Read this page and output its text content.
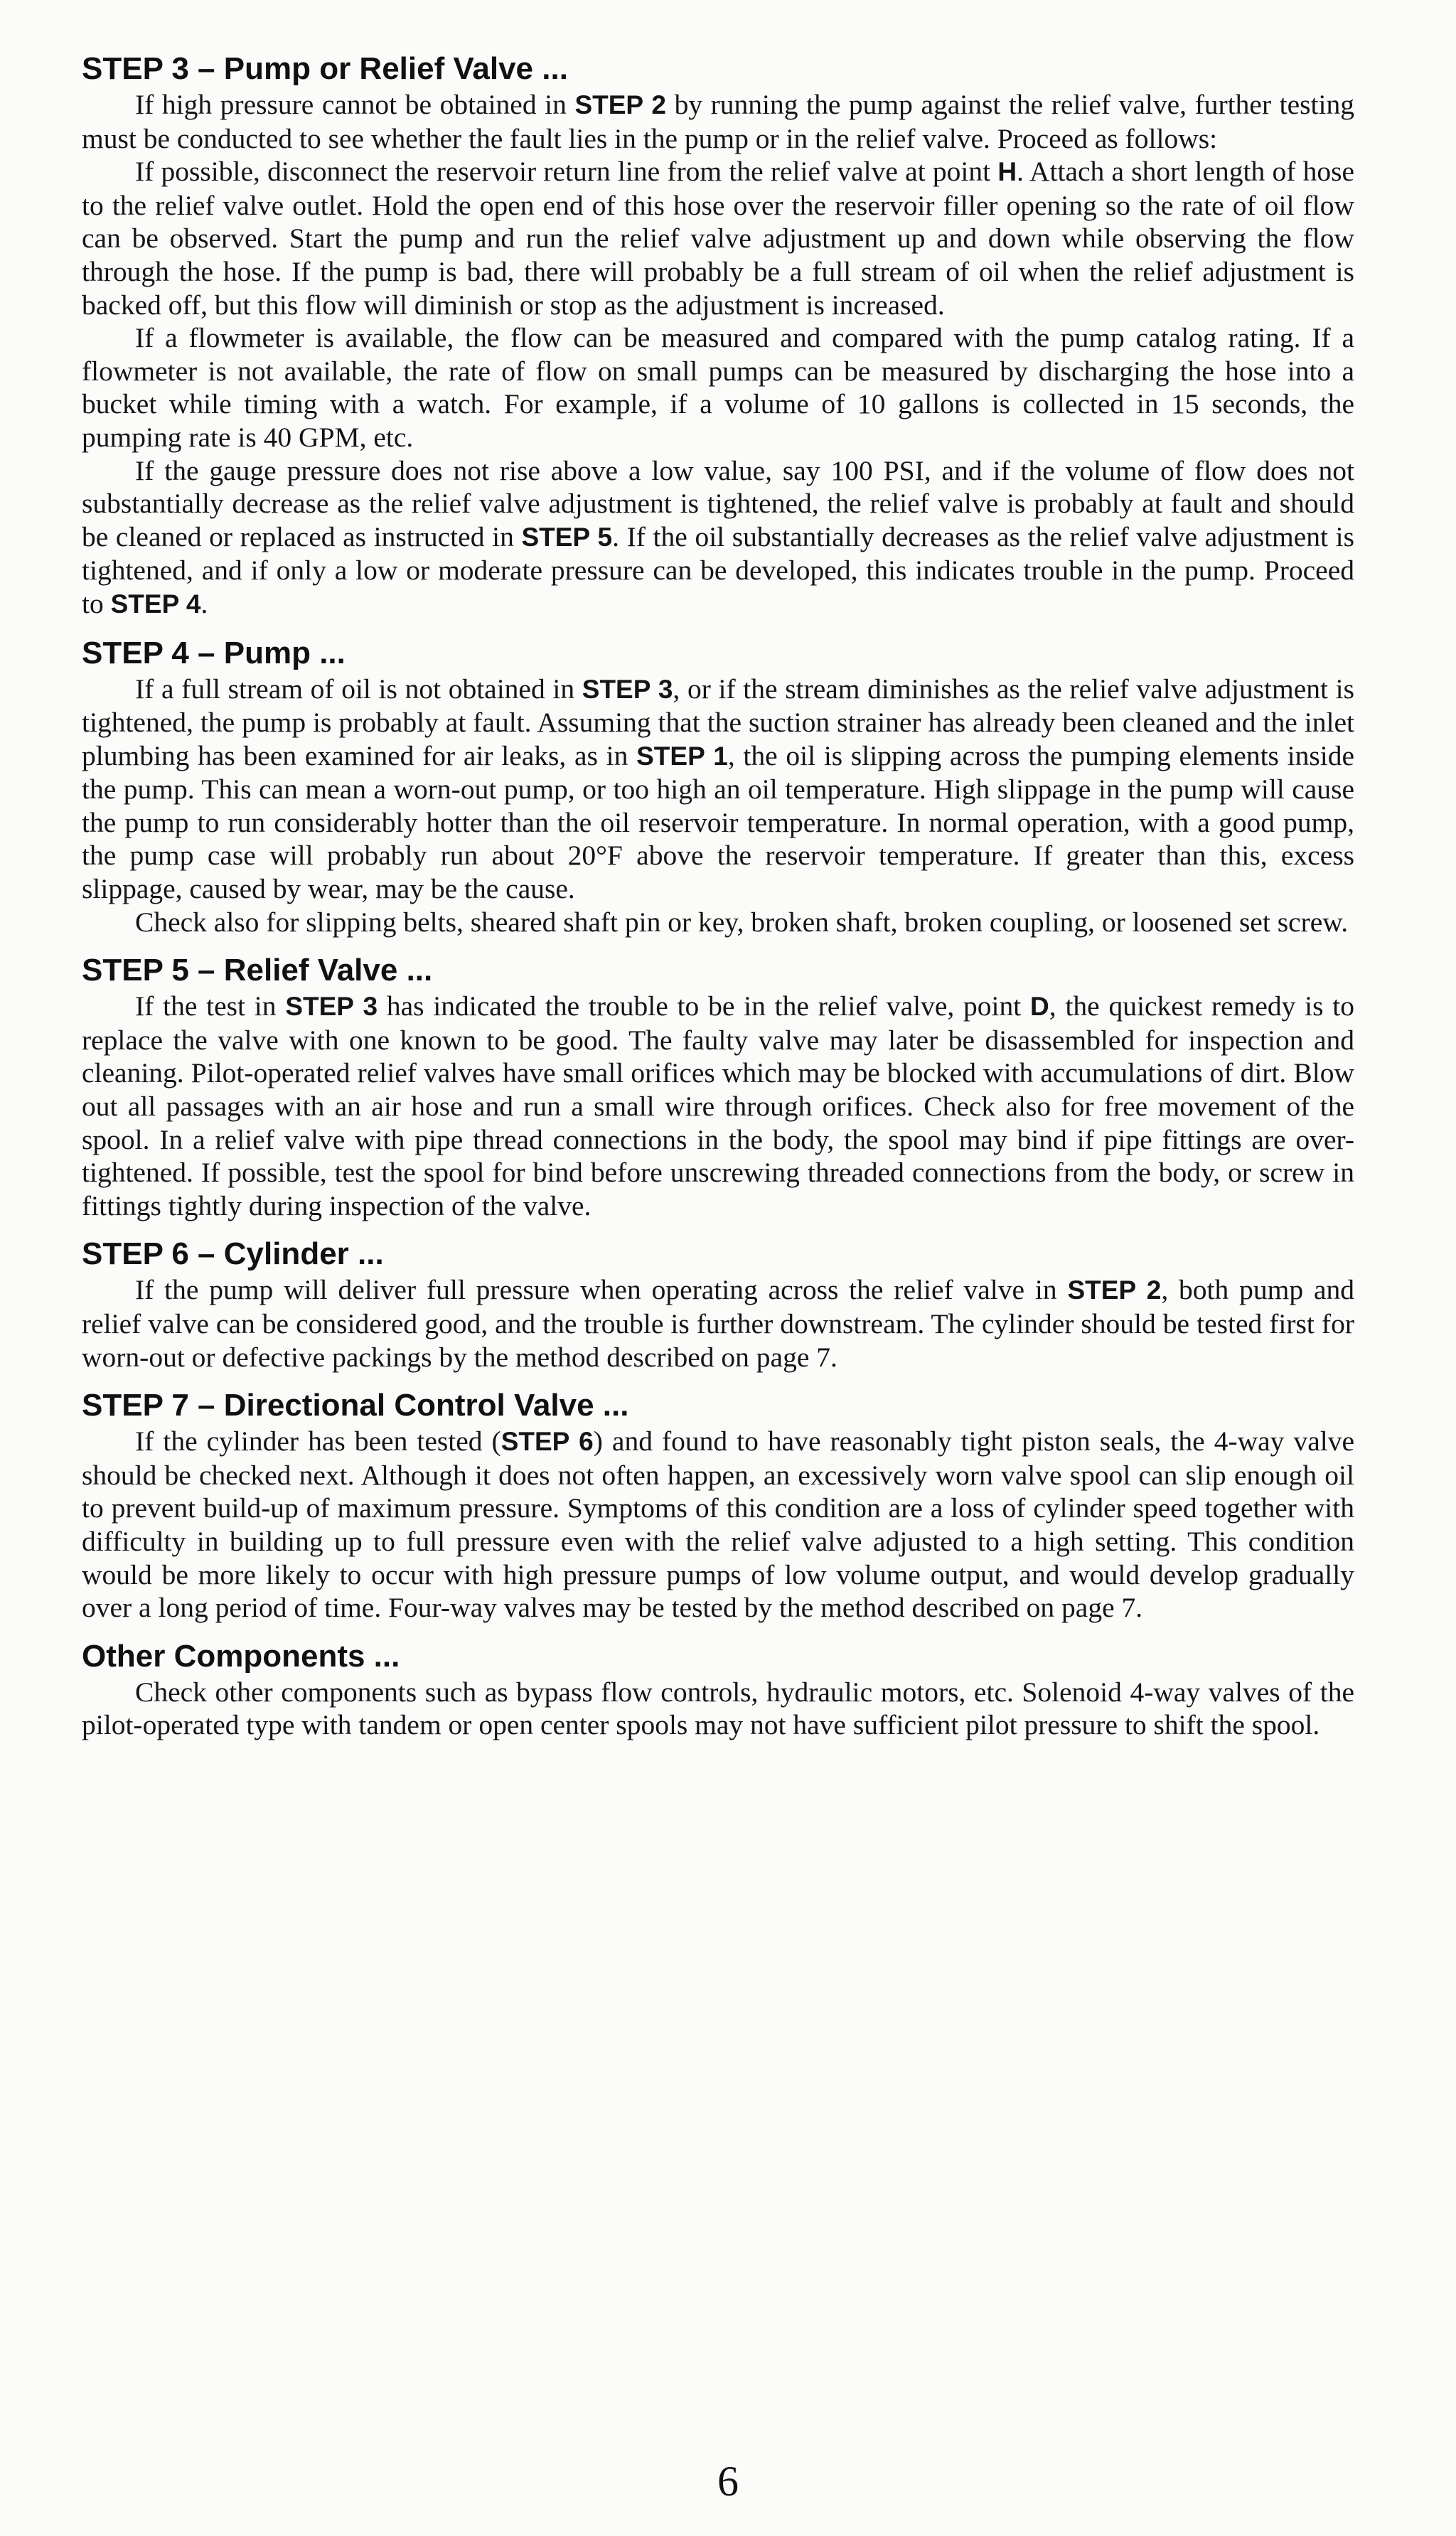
STEP 3 – Pump or Relief Valve ...

If high pressure cannot be obtained in STEP 2 by running the pump against the relief valve, further testing must be conducted to see whether the fault lies in the pump or in the relief valve. Proceed as follows:

If possible, disconnect the reservoir return line from the relief valve at point H. Attach a short length of hose to the relief valve outlet. Hold the open end of this hose over the reservoir filler opening so the rate of oil flow can be observed. Start the pump and run the relief valve adjustment up and down while observing the flow through the hose. If the pump is bad, there will probably be a full stream of oil when the relief adjustment is backed off, but this flow will diminish or stop as the adjustment is increased.

If a flowmeter is available, the flow can be measured and compared with the pump catalog rating. If a flowmeter is not available, the rate of flow on small pumps can be measured by discharging the hose into a bucket while timing with a watch. For example, if a volume of 10 gallons is collected in 15 seconds, the pumping rate is 40 GPM, etc.

If the gauge pressure does not rise above a low value, say 100 PSI, and if the volume of flow does not substantially decrease as the relief valve adjustment is tightened, the relief valve is probably at fault and should be cleaned or replaced as instructed in STEP 5. If the oil substantially decreases as the relief valve adjustment is tightened, and if only a low or moderate pressure can be developed, this indicates trouble in the pump. Proceed to STEP 4.

STEP 4 – Pump ...

If a full stream of oil is not obtained in STEP 3, or if the stream diminishes as the relief valve adjustment is tightened, the pump is probably at fault. Assuming that the suction strainer has already been cleaned and the inlet plumbing has been examined for air leaks, as in STEP 1, the oil is slipping across the pumping elements inside the pump. This can mean a worn-out pump, or too high an oil temperature. High slippage in the pump will cause the pump to run considerably hotter than the oil reservoir temperature. In normal operation, with a good pump, the pump case will probably run about 20°F above the reservoir temperature. If greater than this, excess slippage, caused by wear, may be the cause.

Check also for slipping belts, sheared shaft pin or key, broken shaft, broken coupling, or loosened set screw.

STEP 5 – Relief Valve ...

If the test in STEP 3 has indicated the trouble to be in the relief valve, point D, the quickest remedy is to replace the valve with one known to be good. The faulty valve may later be disassembled for inspection and cleaning. Pilot-operated relief valves have small orifices which may be blocked with accumulations of dirt. Blow out all passages with an air hose and run a small wire through orifices. Check also for free movement of the spool. In a relief valve with pipe thread connections in the body, the spool may bind if pipe fittings are over-tightened. If possible, test the spool for bind before unscrewing threaded connections from the body, or screw in fittings tightly during inspection of the valve.

STEP 6 – Cylinder ...

If the pump will deliver full pressure when operating across the relief valve in STEP 2, both pump and relief valve can be considered good, and the trouble is further downstream. The cylinder should be tested first for worn-out or defective packings by the method described on page 7.

STEP 7 – Directional Control Valve ...

If the cylinder has been tested (STEP 6) and found to have reasonably tight piston seals, the 4-way valve should be checked next. Although it does not often happen, an excessively worn valve spool can slip enough oil to prevent build-up of maximum pressure. Symptoms of this condition are a loss of cylinder speed together with difficulty in building up to full pressure even with the relief valve adjusted to a high setting. This condition would be more likely to occur with high pressure pumps of low volume output, and would develop gradually over a long period of time. Four-way valves may be tested by the method described on page 7.

Other Components ...

Check other components such as bypass flow controls, hydraulic motors, etc. Solenoid 4-way valves of the pilot-operated type with tandem or open center spools may not have sufficient pilot pressure to shift the spool.

6
